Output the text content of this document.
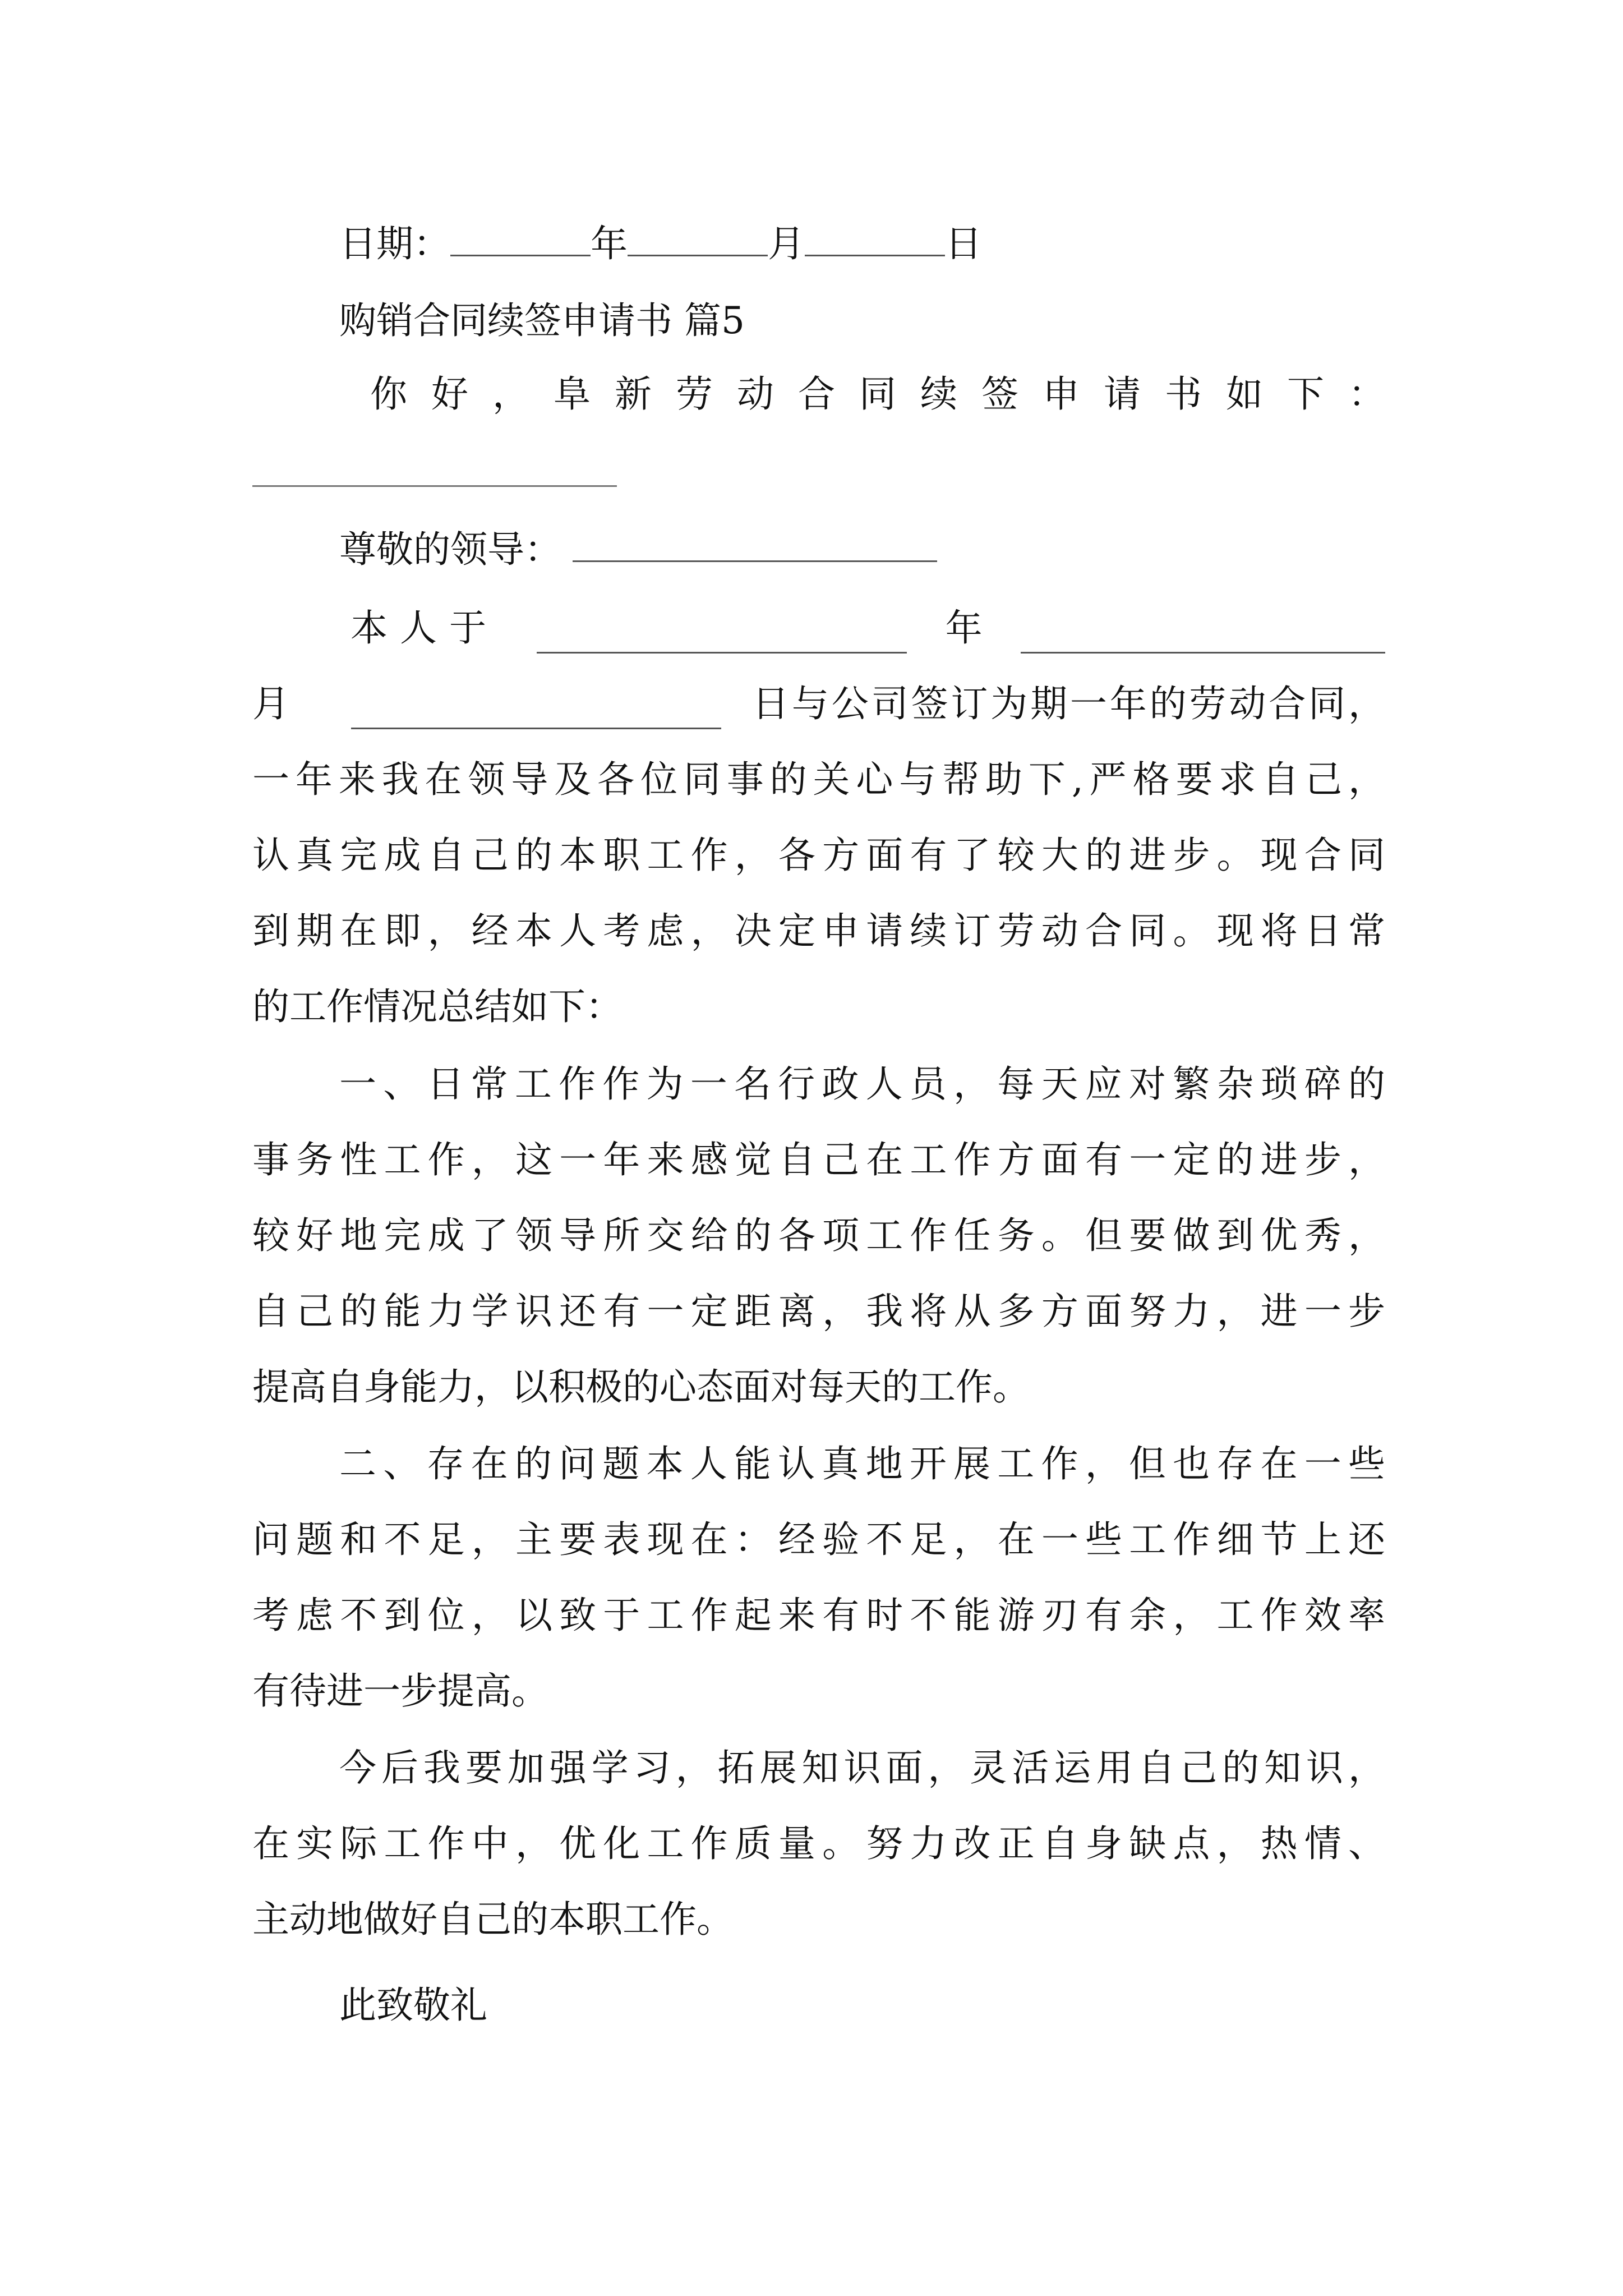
日期：	年	月	日
购销合同续签申请书 篇5
你好，阜新劳动合同续签申请书如下：
尊敬的领导：
本人于	年
月	日与公司签订为期一年的劳动合同，
一年来我在领导及各位同事的关心与帮助下,严格要求自己，
认真完成自己的本职工作，各方面有了较大的进步。现合同
到期在即，经本人考虑，决定申请续订劳动合同。现将日常
的工作情况总结如下：
一、日常工作作为一名行政人员，每天应对繁杂琐碎的
事务性工作，这一年来感觉自己在工作方面有一定的进步，
较好地完成了领导所交给的各项工作任务。但要做到优秀，
自己的能力学识还有一定距离，我将从多方面努力，进一步
提高自身能力，以积极的心态面对每天的工作。
二、存在的问题本人能认真地开展工作，但也存在一些
问题和不足，主要表现在：经验不足，在一些工作细节上还
考虑不到位，以致于工作起来有时不能游刃有余，工作效率
有待进一步提高。
今后我要加强学习，拓展知识面，灵活运用自己的知识，
在实际工作中，优化工作质量。努力改正自身缺点，热情、
主动地做好自己的本职工作。
此致敬礼
